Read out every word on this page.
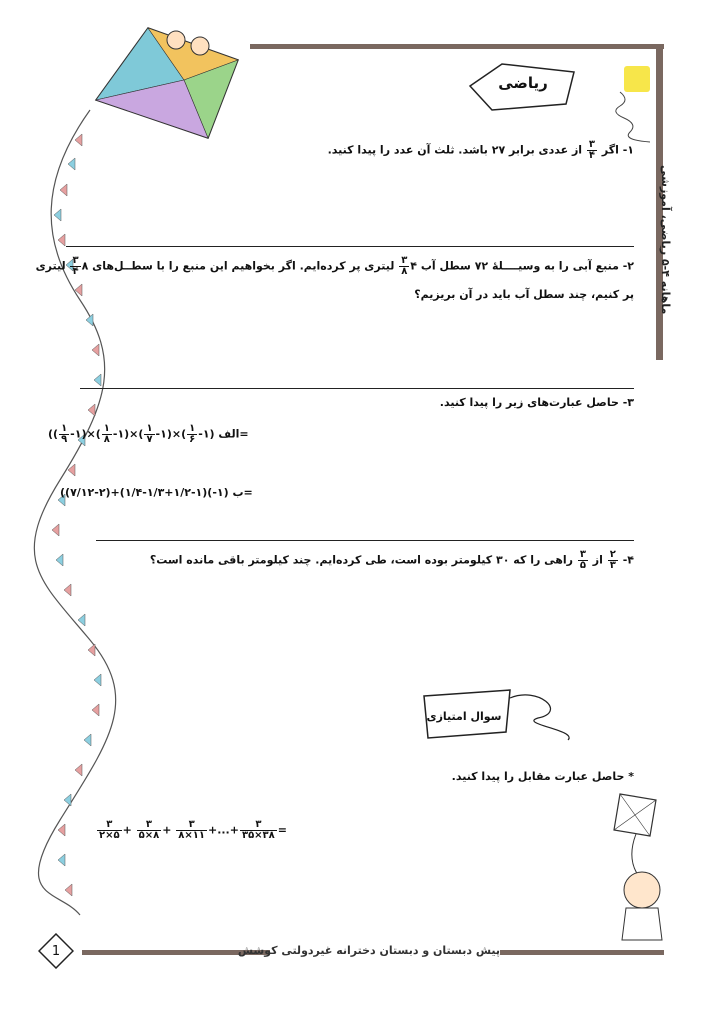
ماهانه ۴-۵ ریاضی، آموزشی
ریاضی
۱- اگر
$\frac{۳}{۴}$
از عددی برابر ۲۷ باشد. ثلث آن عدد را پیدا کنید.
۲- منبع آبی را به وسیــــلهٔ ۷۲ سطل آب ۴
$\frac{۳}{۸}$
لیتری پر کرده‌ایم. اگر بخواهیم این منبع را با سطــل‌های ۸
$\frac{۳}{۴}$
لیتری
پر کنیم، چند سطل آب باید در آن بریزیم؟
۳- حاصل عبارت‌های زیر را پیدا کنید.
(الف (۱-
$\frac{۱}{۶}$
)×(۱-
$\frac{۱}{۷}$
)×(۱-
$\frac{۱}{۸}$
)×(۱-
$\frac{۱}{۹}$
)=
(ب (۱-)(۱-۱/۲+۱/۳-۱/۴)+(۲-۷/۱۲)=
۴-
$\frac{۲}{۳}$
از
$\frac{۳}{۵}$
راهی را که ۳۰ کیلومتر بوده است، طی کرده‌ایم. چند کیلومتر باقی مانده است؟
سوال امتیازی
* حاصل عبارت مقابل را پیدا کنید.
$\frac{۳}{۲\times ۵} + \frac{۳}{۵\times ۸} + \frac{۳}{۸\times ۱۱}$ +...+ $\frac{۳}{۳۵\times ۳۸}$ =
پیش دبستان و دبستان دخترانه غیردولتی کوشش
1
